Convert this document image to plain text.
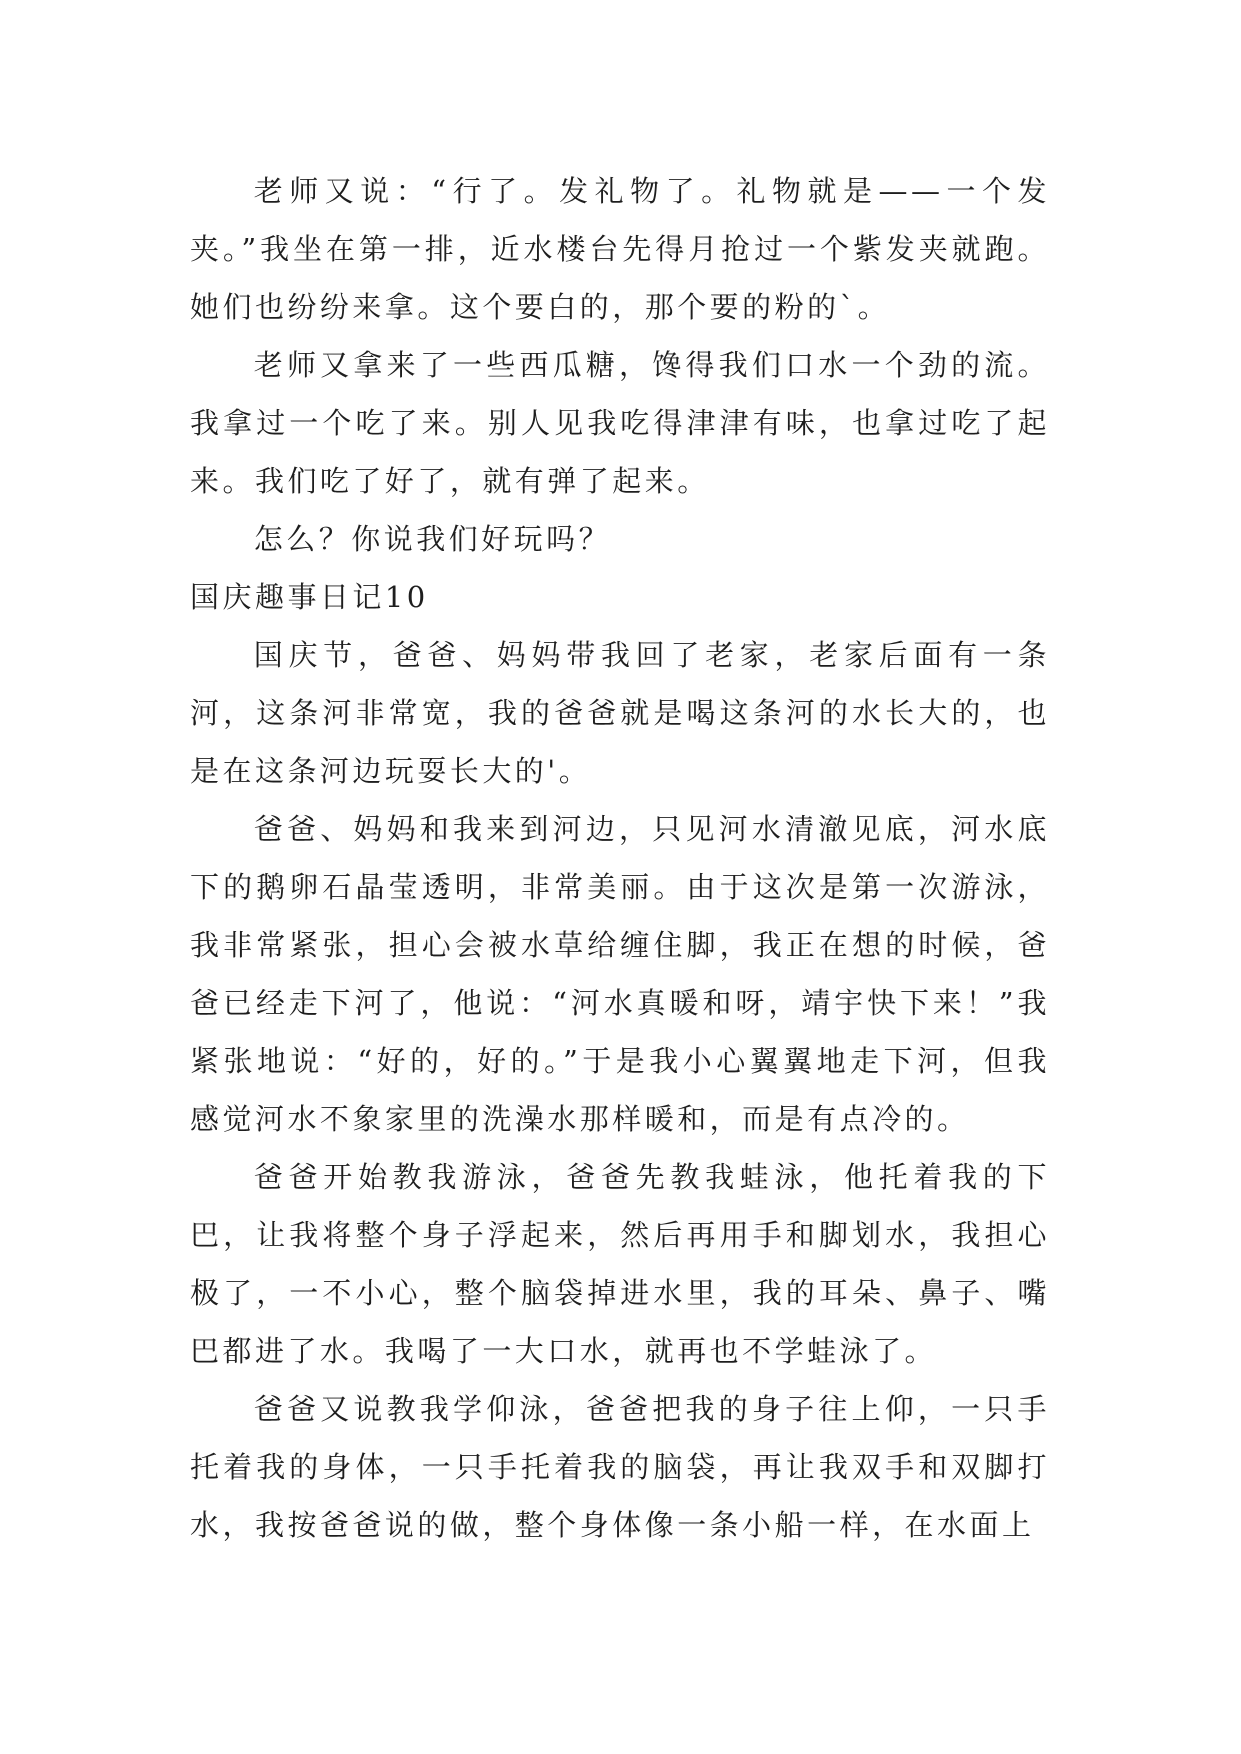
老师又说：“行了。发礼物了。礼物就是——一个发夹。”我坐在第一排，近水楼台先得月抢过一个紫发夹就跑。她们也纷纷来拿。这个要白的，那个要的粉的`。

老师又拿来了一些西瓜糖，馋得我们口水一个劲的流。我拿过一个吃了来。别人见我吃得津津有味，也拿过吃了起来。我们吃了好了，就有弹了起来。

怎么？你说我们好玩吗？

国庆趣事日记10

国庆节，爸爸、妈妈带我回了老家，老家后面有一条河，这条河非常宽，我的爸爸就是喝这条河的水长大的，也是在这条河边玩耍长大的'。

爸爸、妈妈和我来到河边，只见河水清澈见底，河水底下的鹅卵石晶莹透明，非常美丽。由于这次是第一次游泳，我非常紧张，担心会被水草给缠住脚，我正在想的时候，爸爸已经走下河了，他说：“河水真暖和呀，靖宇快下来！”我紧张地说：“好的，好的。”于是我小心翼翼地走下河，但我感觉河水不象家里的洗澡水那样暖和，而是有点冷的。

爸爸开始教我游泳，爸爸先教我蛙泳，他托着我的下巴，让我将整个身子浮起来，然后再用手和脚划水，我担心极了，一不小心，整个脑袋掉进水里，我的耳朵、鼻子、嘴巴都进了水。我喝了一大口水，就再也不学蛙泳了。

爸爸又说教我学仰泳，爸爸把我的身子往上仰，一只手托着我的身体，一只手托着我的脑袋，再让我双手和双脚打水，我按爸爸说的做，整个身体像一条小船一样，在水面上
